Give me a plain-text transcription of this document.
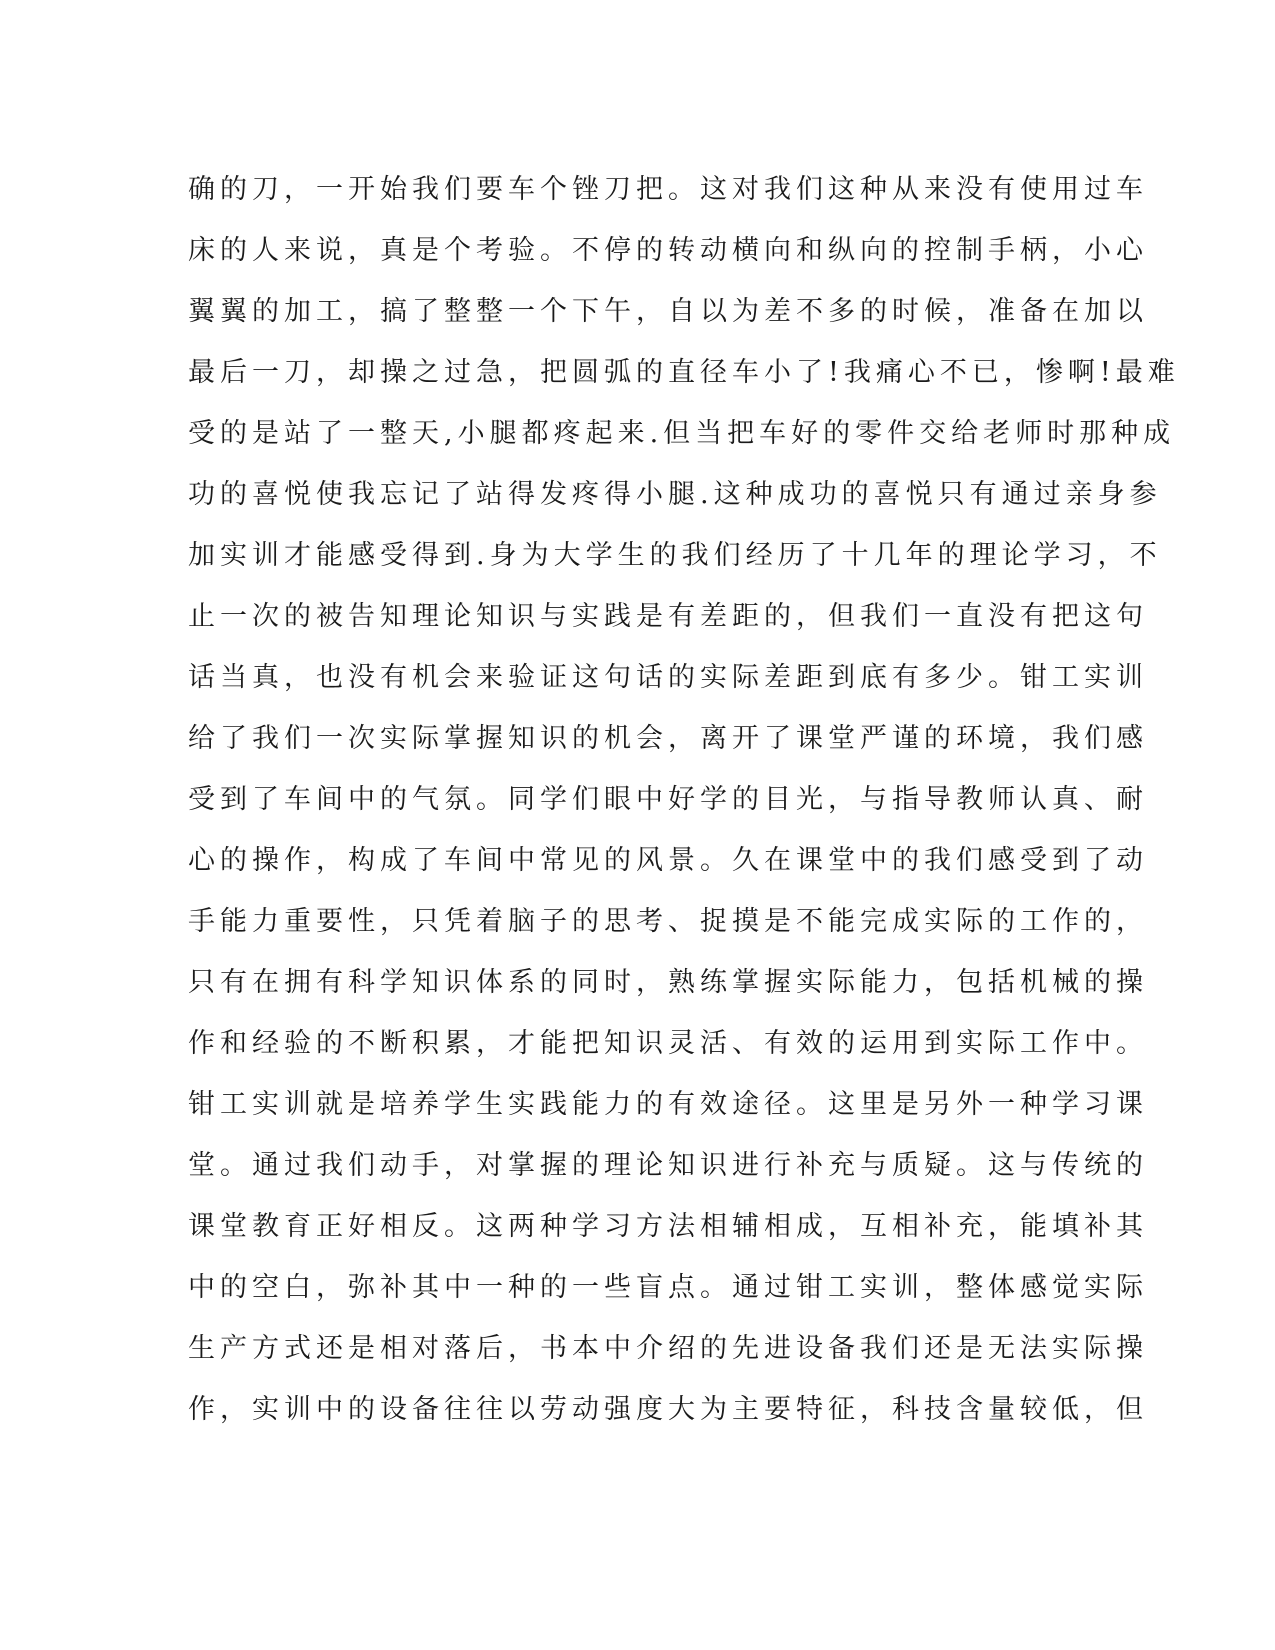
确的刀，一开始我们要车个锉刀把。这对我们这种从来没有使用过车
床的人来说，真是个考验。不停的转动横向和纵向的控制手柄，小心
翼翼的加工，搞了整整一个下午，自以为差不多的时候，准备在加以
最后一刀，却操之过急，把圆弧的直径车小了!我痛心不已，惨啊!最难
受的是站了一整天,小腿都疼起来.但当把车好的零件交给老师时那种成
功的喜悦使我忘记了站得发疼得小腿.这种成功的喜悦只有通过亲身参
加实训才能感受得到.身为大学生的我们经历了十几年的理论学习，不
止一次的被告知理论知识与实践是有差距的，但我们一直没有把这句
话当真，也没有机会来验证这句话的实际差距到底有多少。钳工实训
给了我们一次实际掌握知识的机会，离开了课堂严谨的环境，我们感
受到了车间中的气氛。同学们眼中好学的目光，与指导教师认真、耐
心的操作，构成了车间中常见的风景。久在课堂中的我们感受到了动
手能力重要性，只凭着脑子的思考、捉摸是不能完成实际的工作的，
只有在拥有科学知识体系的同时，熟练掌握实际能力，包括机械的操
作和经验的不断积累，才能把知识灵活、有效的运用到实际工作中。
钳工实训就是培养学生实践能力的有效途径。这里是另外一种学习课
堂。通过我们动手，对掌握的理论知识进行补充与质疑。这与传统的
课堂教育正好相反。这两种学习方法相辅相成，互相补充，能填补其
中的空白，弥补其中一种的一些盲点。通过钳工实训，整体感觉实际
生产方式还是相对落后，书本中介绍的先进设备我们还是无法实际操
作，实训中的设备往往以劳动强度大为主要特征，科技含量较低，但
